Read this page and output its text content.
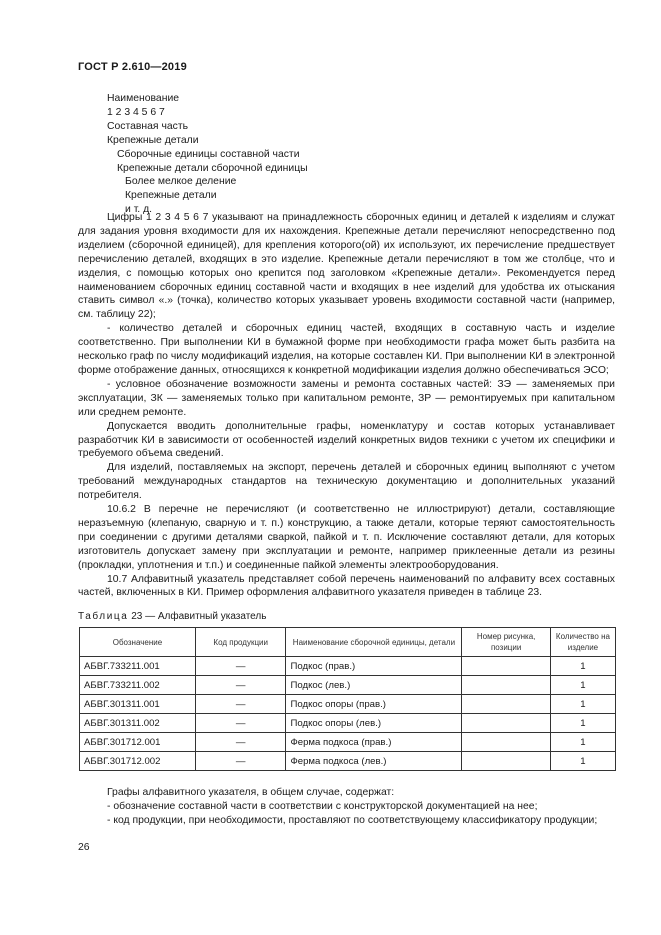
ГОСТ Р 2.610—2019
Наименование
1 2 3 4 5 6 7
Составная часть
Крепежные детали
Сборочные единицы составной части
Крепежные детали сборочной единицы
Более мелкое деление
Крепежные детали
и т. д.

Цифры 1 2 3 4 5 6 7 указывают на принадлежность сборочных единиц и деталей к изделиям и служат для задания уровня входимости для их нахождения. Крепежные детали перечисляют непосредственно под изделием (сборочной единицей), для крепления которого(ой) их используют, их перечисление предшествует перечислению деталей, входящих в это изделие. Крепежные детали перечисляют в том же столбце, что и изделия, с помощью которых оно крепится под заголовком «Крепежные детали». Рекомендуется перед наименованием сборочных единиц составной части и входящих в нее изделий для удобства их отыскания ставить символ «.» (точка), количество которых указывает уровень входимости составной части (например, см. таблицу 22);

- количество деталей и сборочных единиц частей, входящих в составную часть и изделие соответственно. При выполнении КИ в бумажной форме при необходимости графа может быть разбита на несколько граф по числу модификаций изделия, на которые составлен КИ. При выполнении КИ в электронной форме отображение данных, относящихся к конкретной модификации изделия должно обеспечиваться ЭСО;

- условное обозначение возможности замены и ремонта составных частей: ЗЭ — заменяемых при эксплуатации, ЗК — заменяемых только при капитальном ремонте, ЗР — ремонтируемых при капитальном или среднем ремонте.

Допускается вводить дополнительные графы, номенклатуру и состав которых устанавливает разработчик КИ в зависимости от особенностей изделий конкретных видов техники с учетом их специфики и требуемого объема сведений.

Для изделий, поставляемых на экспорт, перечень деталей и сборочных единиц выполняют с учетом требований международных стандартов на техническую документацию и дополнительных указаний потребителя.

10.6.2 В перечне не перечисляют (и соответственно не иллюстрируют) детали, составляющие неразъемную (клепаную, сварную и т. п.) конструкцию, а также детали, которые теряют самостоятельность при соединении с другими деталями сваркой, пайкой и т. п. Исключение составляют детали, для которых изготовитель допускает замену при эксплуатации и ремонте, например приклеенные детали из резины (прокладки, уплотнения и т.п.) и соединенные пайкой элементы электрооборудования.

10.7 Алфавитный указатель представляет собой перечень наименований по алфавиту всех составных частей, включенных в КИ. Пример оформления алфавитного указателя приведен в таблице 23.

Таблица 23 — Алфавитный указатель
Обозначение	Код продукции	Наименование сборочной единицы, детали	Номер рисунка, позиции	Количество на изделие
АБВГ.733211.001	—	Подкос (прав.)		1
АБВГ.733211.002	—	Подкос (лев.)		1
АБВГ.301311.001	—	Подкос опоры (прав.)		1
АБВГ.301311.002	—	Подкос опоры (лев.)		1
АБВГ.301712.001	—	Ферма подкоса (прав.)		1
АБВГ.301712.002	—	Ферма подкоса (лев.)		1

Графы алфавитного указателя, в общем случае, содержат:

- обозначение составной части в соответствии с конструкторской документацией на нее;

- код продукции, при необходимости, проставляют по соответствующему классификатору продукции;

26
